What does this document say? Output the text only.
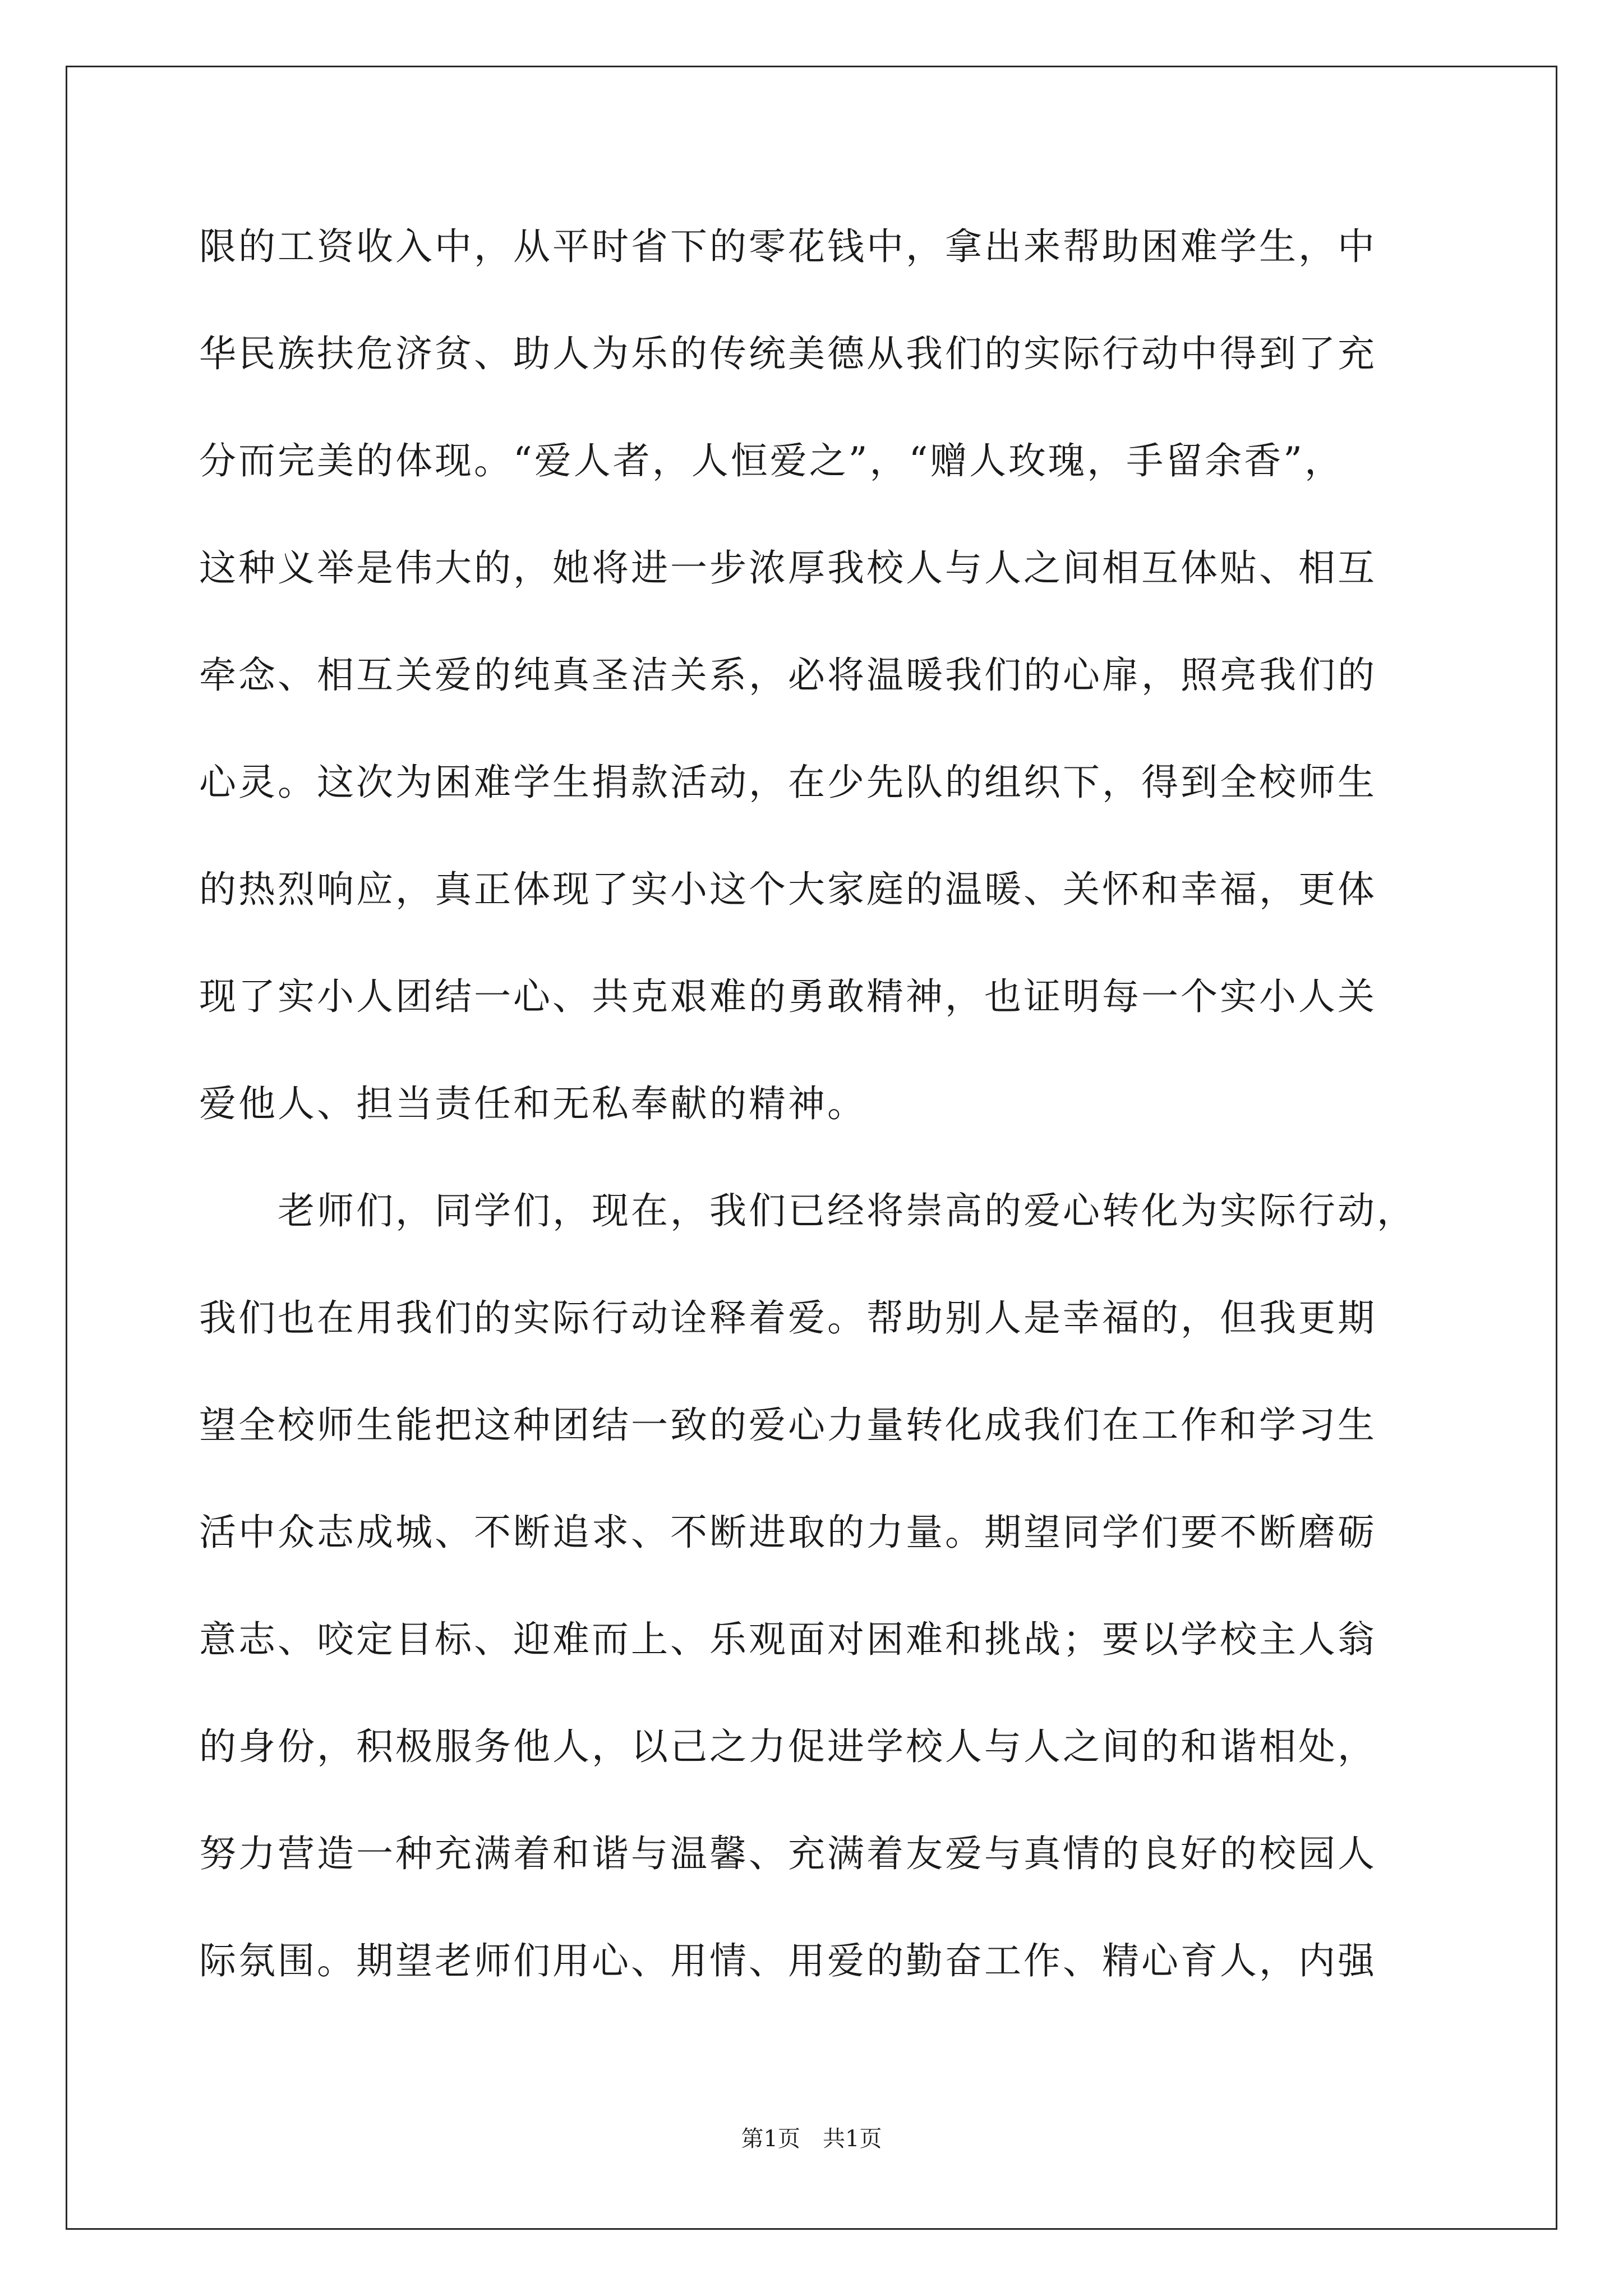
限的工资收入中，从平时省下的零花钱中，拿出来帮助困难学生，中
华民族扶危济贫、助人为乐的传统美德从我们的实际行动中得到了充
分而完美的体现。“爱人者，人恒爱之”，“赠人玫瑰，手留余香”，
这种义举是伟大的，她将进一步浓厚我校人与人之间相互体贴、相互
牵念、相互关爱的纯真圣洁关系，必将温暖我们的心扉，照亮我们的
心灵。这次为困难学生捐款活动，在少先队的组织下，得到全校师生
的热烈响应，真正体现了实小这个大家庭的温暖、关怀和幸福，更体
现了实小人团结一心、共克艰难的勇敢精神，也证明每一个实小人关
爱他人、担当责任和无私奉献的精神。
　　老师们，同学们，现在，我们已经将崇高的爱心转化为实际行动，
我们也在用我们的实际行动诠释着爱。帮助别人是幸福的，但我更期
望全校师生能把这种团结一致的爱心力量转化成我们在工作和学习生
活中众志成城、不断追求、不断进取的力量。期望同学们要不断磨砺
意志、咬定目标、迎难而上、乐观面对困难和挑战；要以学校主人翁
的身份，积极服务他人，以己之力促进学校人与人之间的和谐相处，
努力营造一种充满着和谐与温馨、充满着友爱与真情的良好的校园人
际氛围。期望老师们用心、用情、用爱的勤奋工作、精心育人，内强
第1页　共1页
